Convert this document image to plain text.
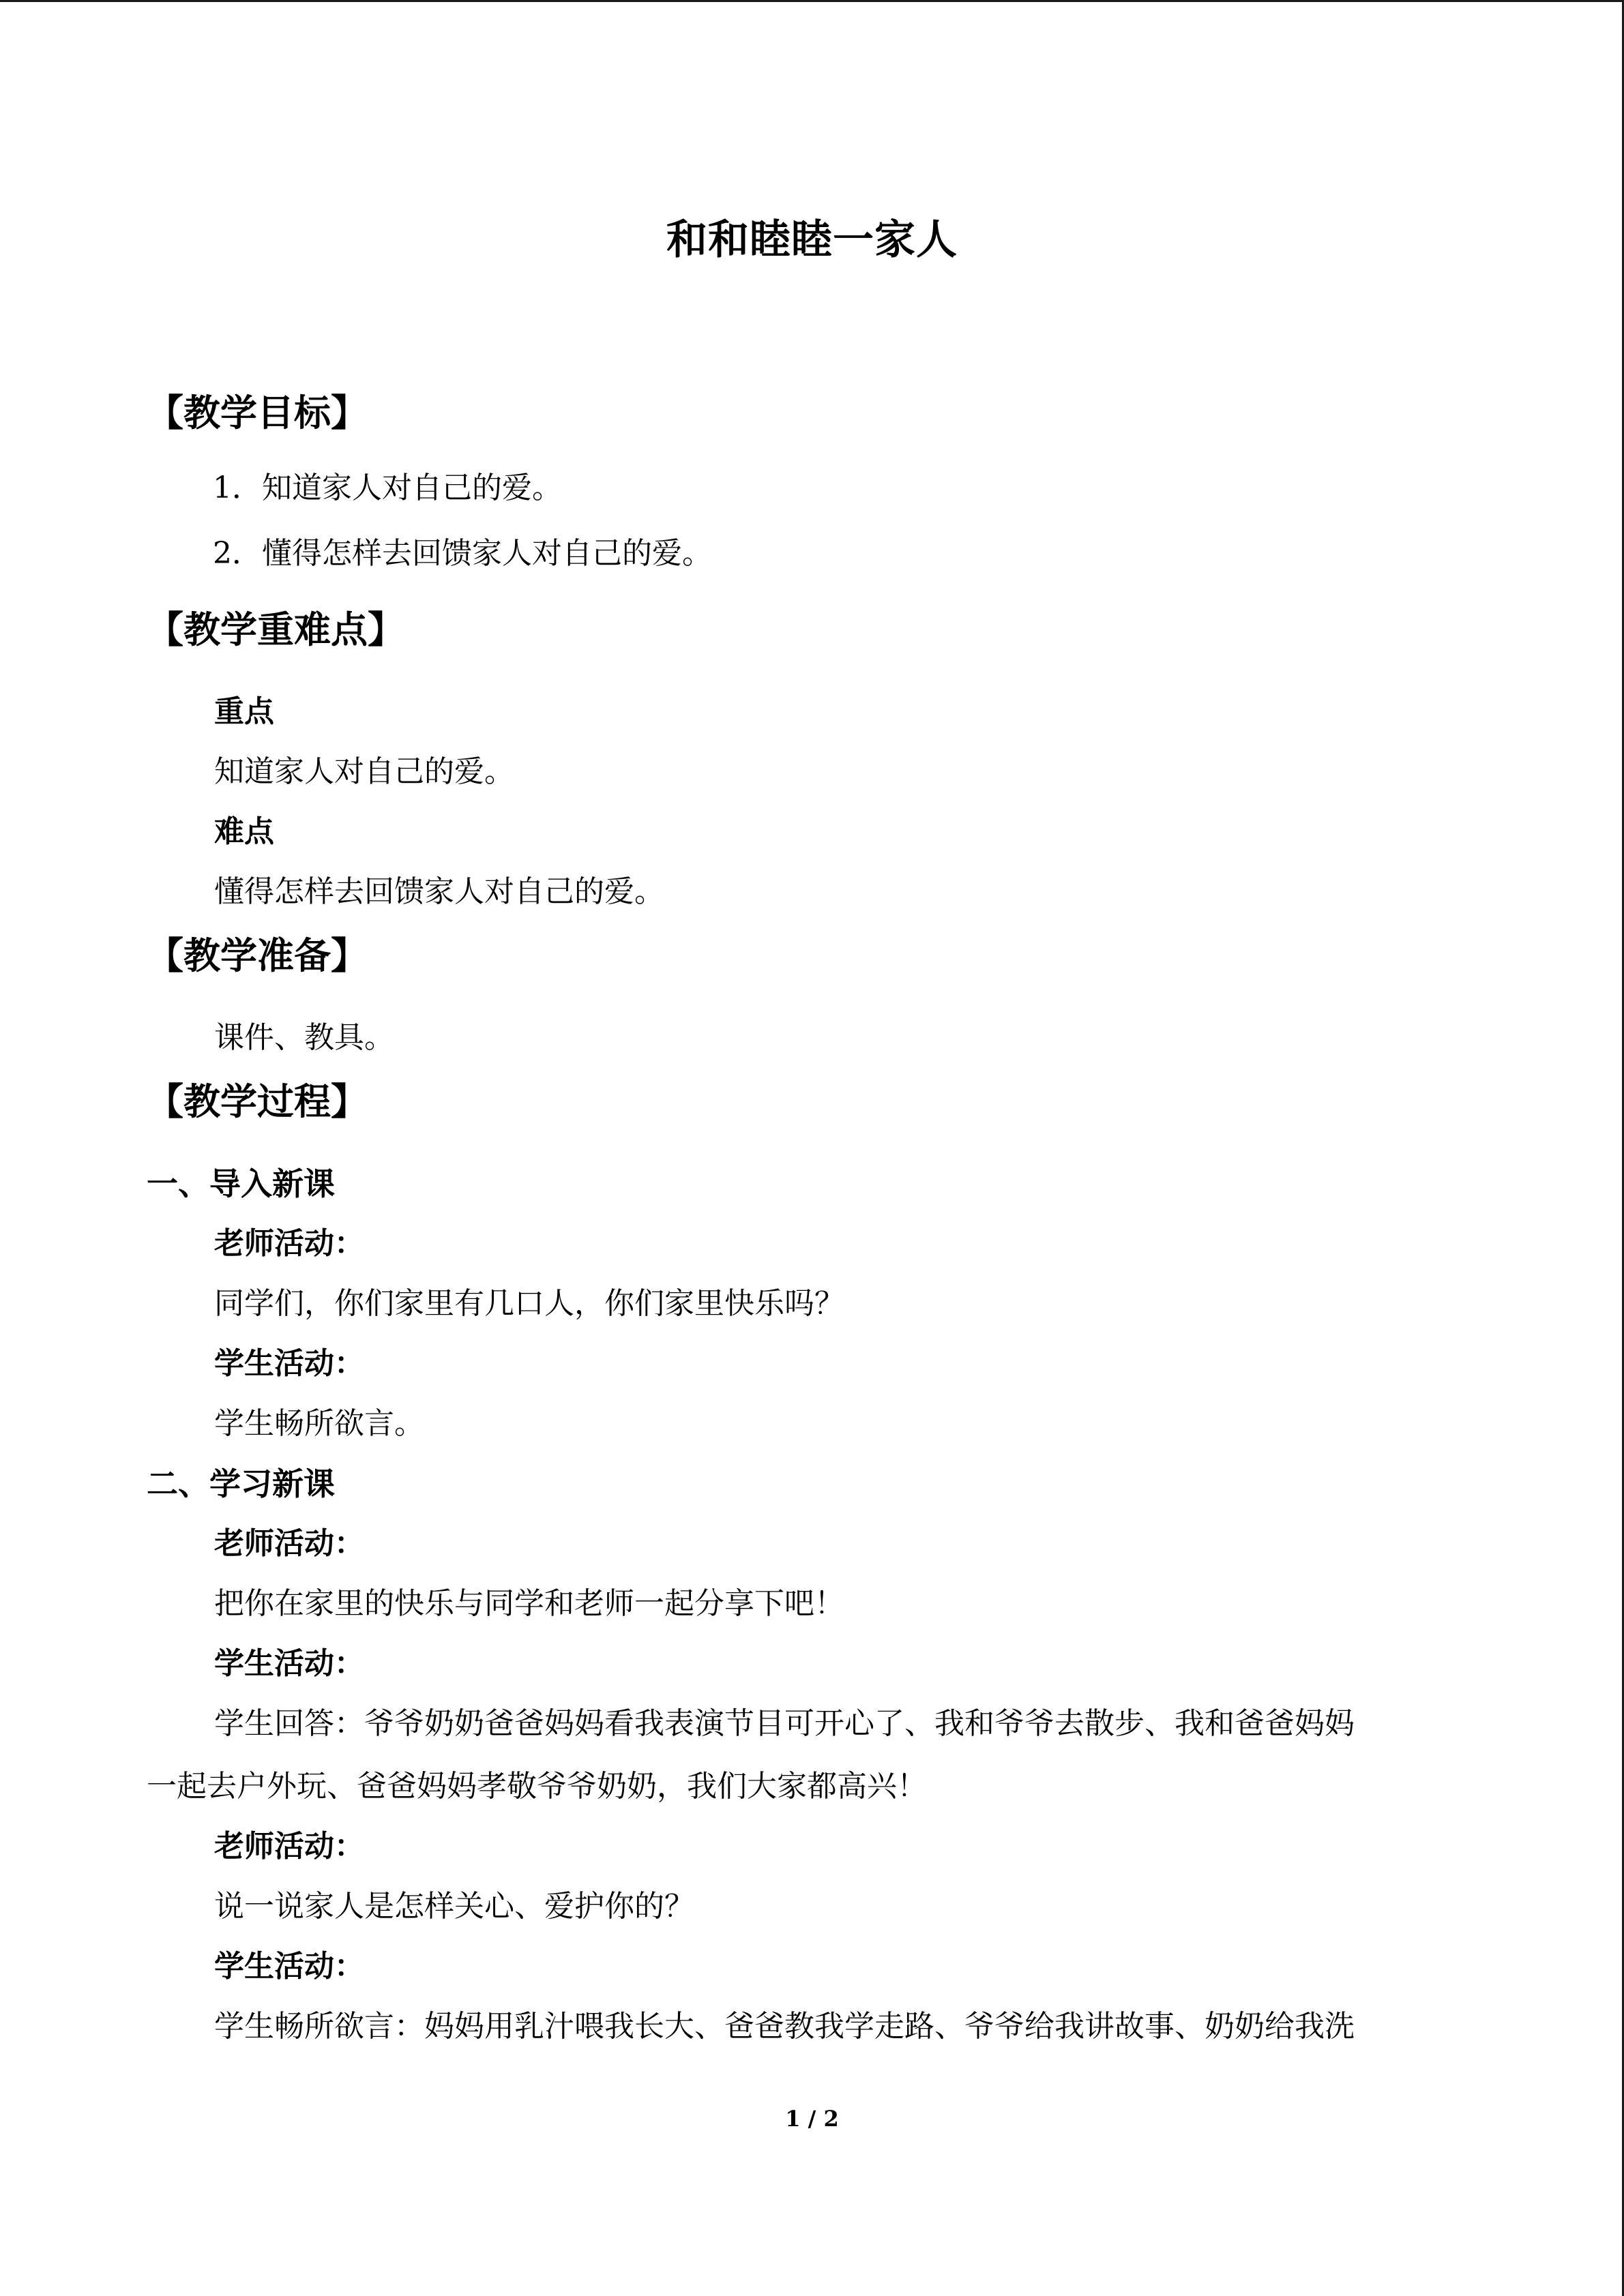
和和睦睦一家人
【教学目标】
1．知道家人对自己的爱。
2．懂得怎样去回馈家人对自己的爱。
【教学重难点】
重点
知道家人对自己的爱。
难点
懂得怎样去回馈家人对自己的爱。
【教学准备】
课件、教具。
【教学过程】
一、导入新课
老师活动：
同学们，你们家里有几口人，你们家里快乐吗？
学生活动：
学生畅所欲言。
二、学习新课
老师活动：
把你在家里的快乐与同学和老师一起分享下吧！
学生活动：
学生回答：爷爷奶奶爸爸妈妈看我表演节目可开心了、我和爷爷去散步、我和爸爸妈妈
一起去户外玩、爸爸妈妈孝敬爷爷奶奶，我们大家都高兴！
老师活动：
说一说家人是怎样关心、爱护你的？
学生活动：
学生畅所欲言：妈妈用乳汁喂我长大、爸爸教我学走路、爷爷给我讲故事、奶奶给我洗
1 / 2
